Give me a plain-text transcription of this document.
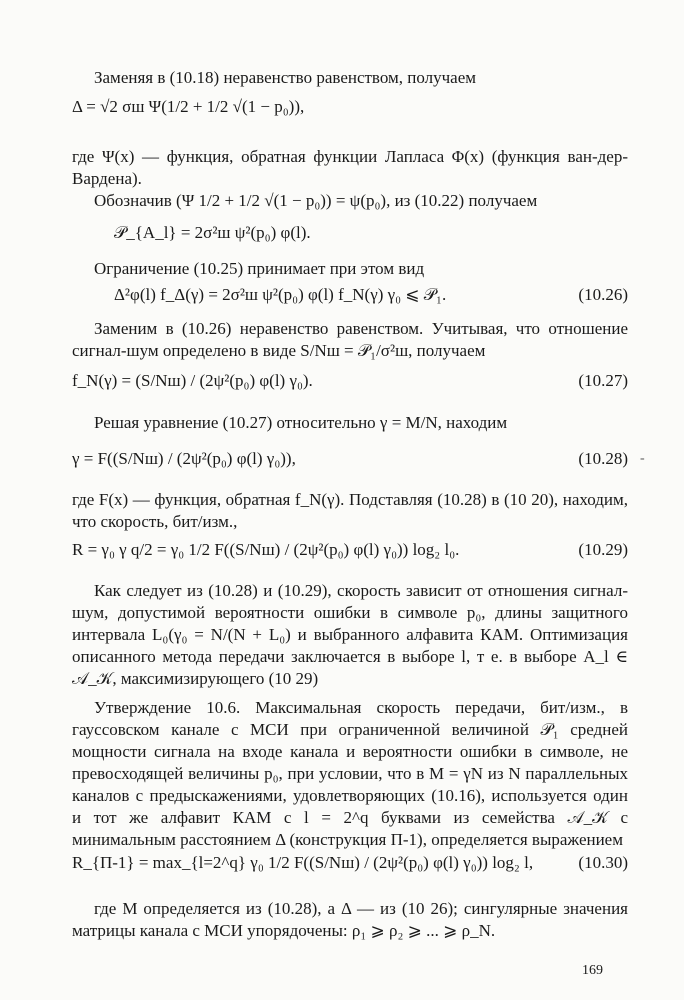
Заменяя в (10.18) неравенство равенством, получаем

Δ = √2 σш Ψ(1/2 + 1/2 √(1 − p₀)),

где Ψ(x) — функция, обратная функции Лапласа Φ(x) (функция ван-дер-Вардена).

Обозначив (Ψ 1/2 + 1/2 √(1 − p₀)) = ψ(p₀), из (10.22) получаем

𝒫_{A_l} = 2σ²ш ψ²(p₀) φ(l).

Ограничение (10.25) принимает при этом вид

Δ²φ(l) f_Δ(γ) = 2σ²ш ψ²(p₀) φ(l) f_N(γ) γ₀ ⩽ 𝒫₁.	(10.26)

Заменим в (10.26) неравенство равенством. Учитывая, что отношение сигнал-шум определено в виде S/Nш = 𝒫₁/σ²ш, получаем

f_N(γ) = (S/Nш) / (2ψ²(p₀) φ(l) γ₀).	(10.27)

Решая уравнение (10.27) относительно γ = M/N, находим

γ = F((S/Nш) / (2ψ²(p₀) φ(l) γ₀)),	(10.28)

где F(x) — функция, обратная f_N(γ). Подставляя (10.28) в (10 20), находим, что скорость, бит/изм.,

R = γ₀ γ q/2 = γ₀ 1/2 F((S/Nш) / (2ψ²(p₀) φ(l) γ₀)) log₂ l₀.	(10.29)

Как следует из (10.28) и (10.29), скорость зависит от отношения сигнал-шум, допустимой вероятности ошибки в символе p₀, длины защитного интервала L₀(γ₀ = N/(N + L₀) и выбранного алфавита КАМ. Оптимизация описанного метода передачи заключается в выборе l, т е. в выборе A_l ∈ 𝒜_𝒦, максимизирующего (10 29)

Утверждение 10.6. Максимальная скорость передачи, бит/изм., в гауссовском канале с МСИ при ограниченной величиной 𝒫₁ средней мощности сигнала на входе канала и вероятности ошибки в символе, не превосходящей величины p₀, при условии, что в M = γN из N параллельных каналов с предыскажениями, удовлетворяющих (10.16), используется один и тот же алфавит КАМ с l = 2^q буквами из семейства 𝒜_𝒦 с минимальным расстоянием Δ (конструкция П-1), определяется выражением

R_{П-1} = max_{l=2^q} γ₀ 1/2 F((S/Nш) / (2ψ²(p₀) φ(l) γ₀)) log₂ l,	(10.30)

где M определяется из (10.28), а Δ — из (10 26); сингулярные значения матрицы канала с МСИ упорядочены: ρ₁ ⩾ ρ₂ ⩾ ... ⩾ ρ_N.

‐
169
